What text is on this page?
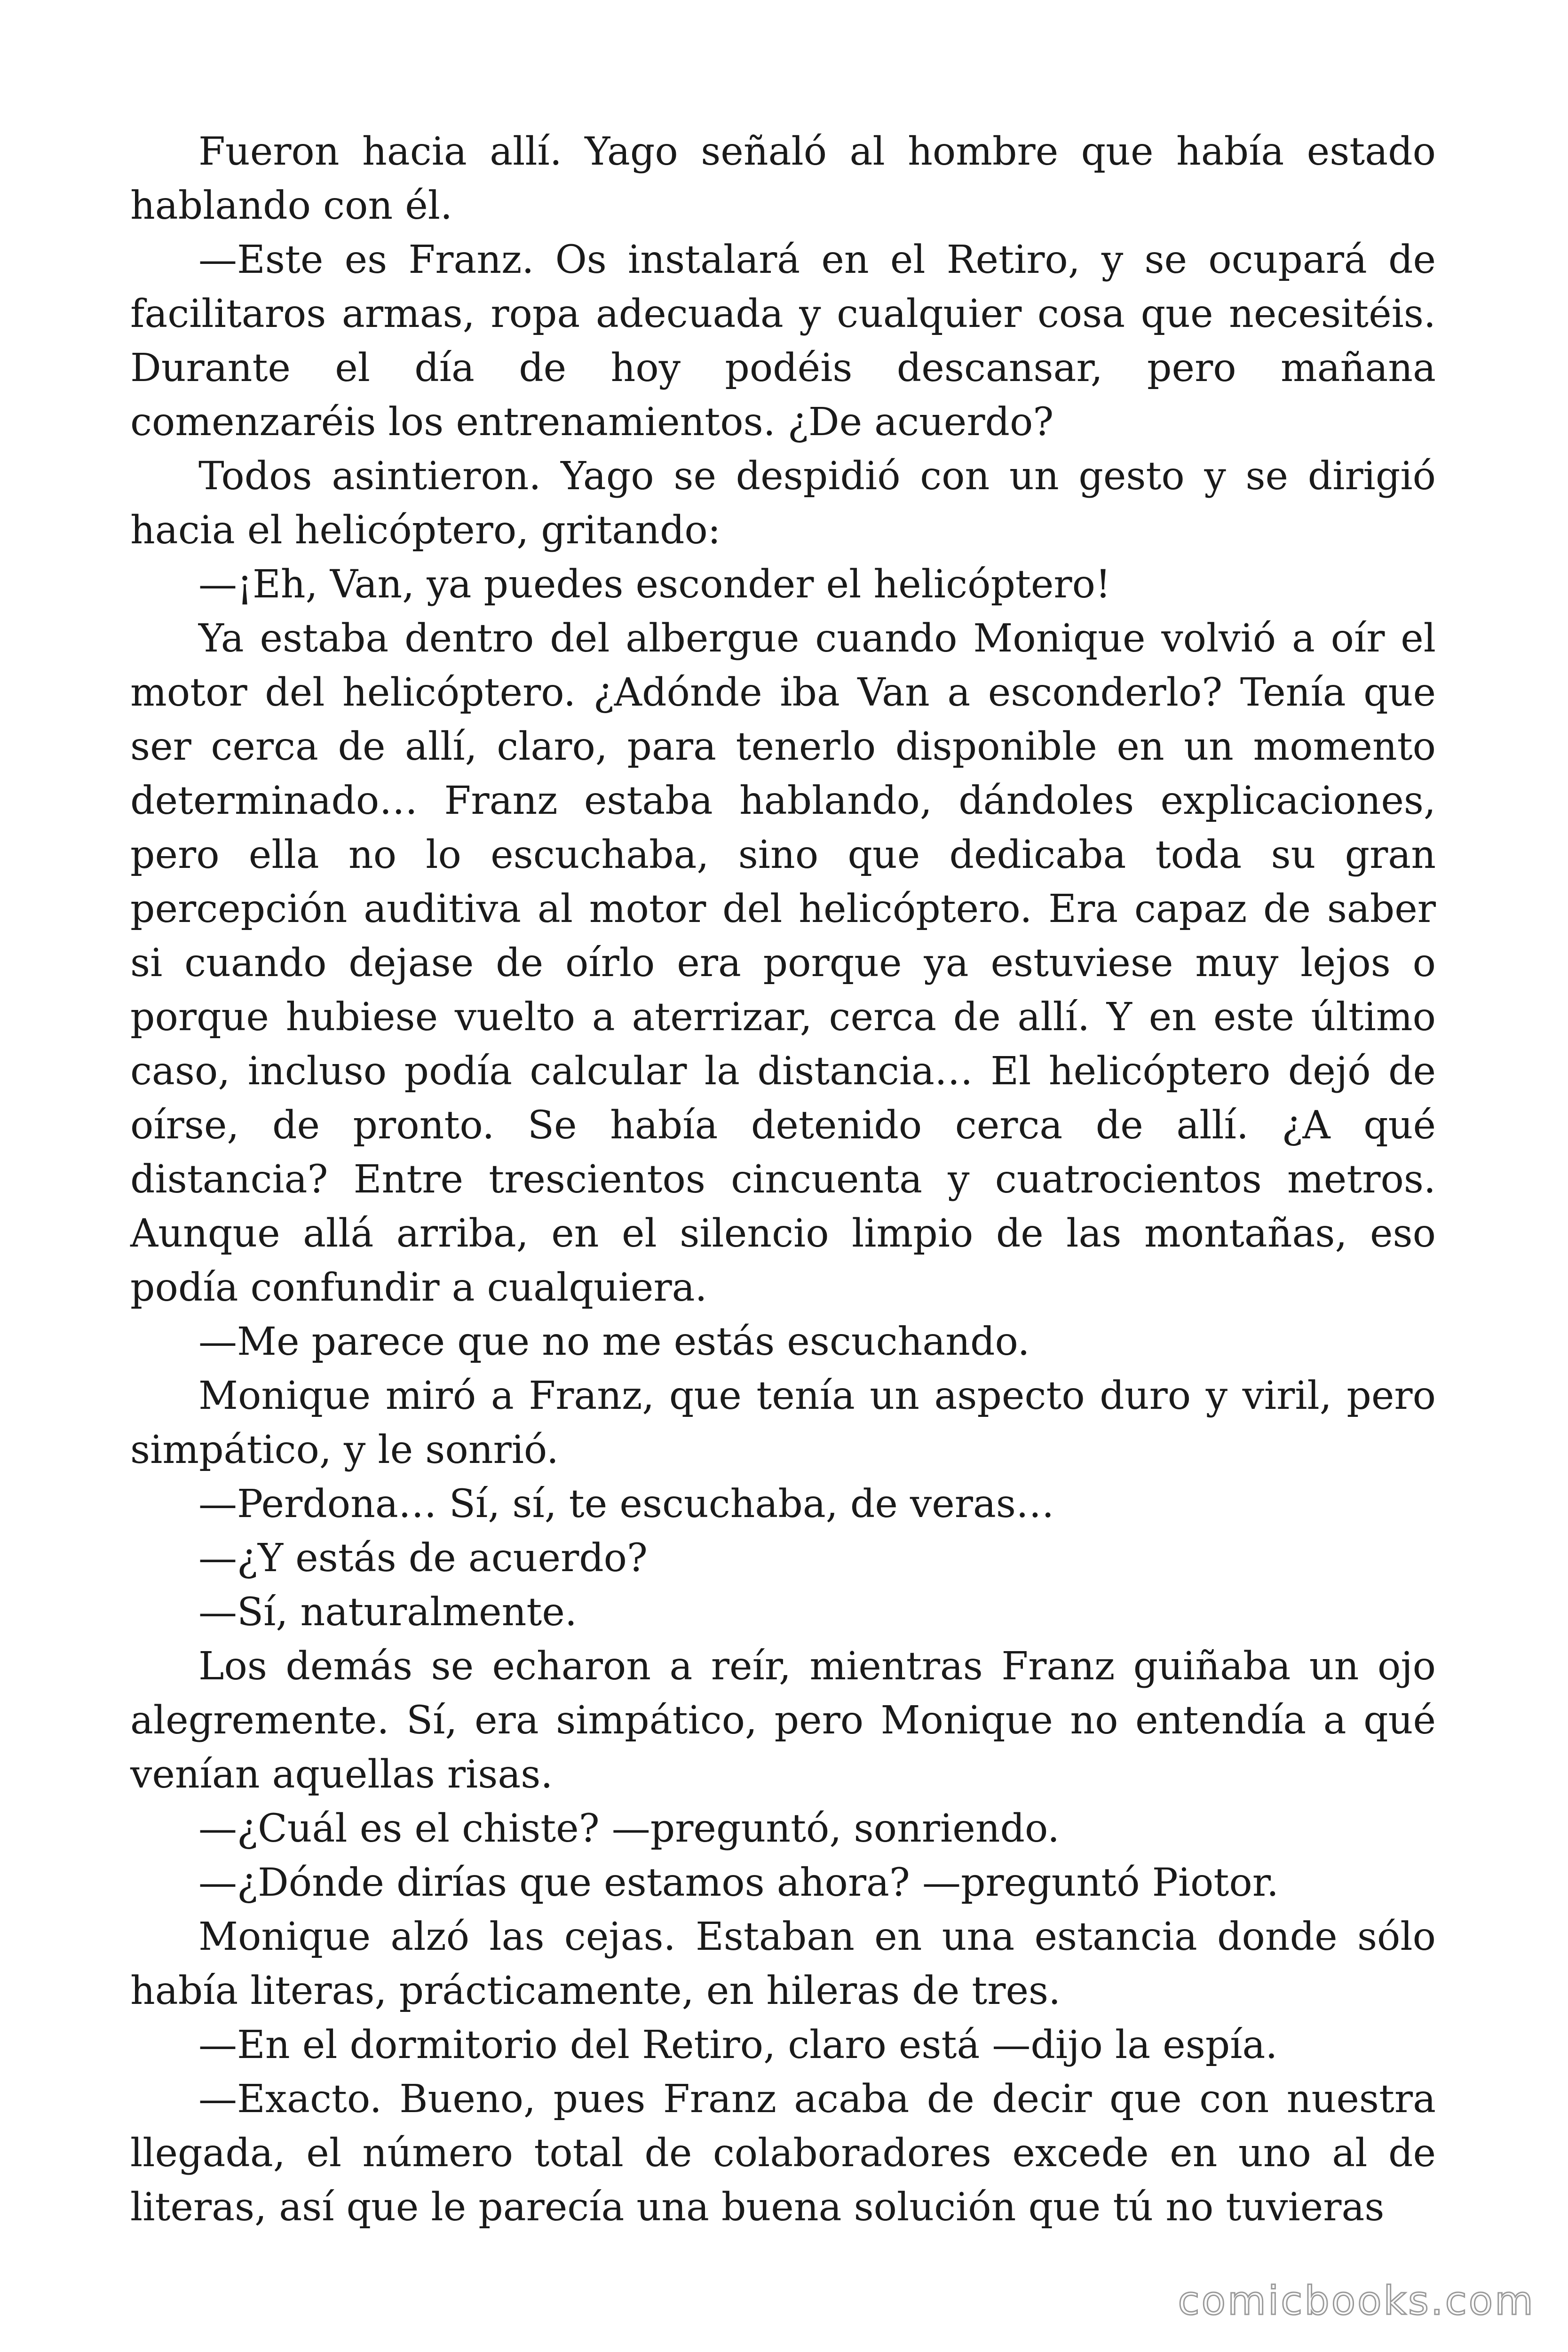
Fueron hacia allí. Yago señaló al hombre que había estado hablando con él.

—Este es Franz. Os instalará en el Retiro, y se ocupará de facilitaros armas, ropa adecuada y cualquier cosa que necesitéis. Durante el día de hoy podéis descansar, pero mañana comenzaréis los entrenamientos. ¿De acuerdo?

Todos asintieron. Yago se despidió con un gesto y se dirigió hacia el helicóptero, gritando:

—¡Eh, Van, ya puedes esconder el helicóptero!

Ya estaba dentro del albergue cuando Monique volvió a oír el motor del helicóptero. ¿Adónde iba Van a esconderlo? Tenía que ser cerca de allí, claro, para tenerlo disponible en un momento determinado… Franz estaba hablando, dándoles explicaciones, pero ella no lo escuchaba, sino que dedicaba toda su gran percepción auditiva al motor del helicóptero. Era capaz de saber si cuando dejase de oírlo era porque ya estuviese muy lejos o porque hubiese vuelto a aterrizar, cerca de allí. Y en este último caso, incluso podía calcular la distancia… El helicóptero dejó de oírse, de pronto. Se había detenido cerca de allí. ¿A qué distancia? Entre trescientos cincuenta y cuatrocientos metros. Aunque allá arriba, en el silencio limpio de las montañas, eso podía confundir a cualquiera.

—Me parece que no me estás escuchando.

Monique miró a Franz, que tenía un aspecto duro y viril, pero simpático, y le sonrió.

—Perdona… Sí, sí, te escuchaba, de veras…

—¿Y estás de acuerdo?

—Sí, naturalmente.

Los demás se echaron a reír, mientras Franz guiñaba un ojo alegremente. Sí, era simpático, pero Monique no entendía a qué venían aquellas risas.

—¿Cuál es el chiste? —preguntó, sonriendo.

—¿Dónde dirías que estamos ahora? —preguntó Piotor.

Monique alzó las cejas. Estaban en una estancia donde sólo había literas, prácticamente, en hileras de tres.

—En el dormitorio del Retiro, claro está —dijo la espía.

—Exacto. Bueno, pues Franz acaba de decir que con nuestra llegada, el número total de colaboradores excede en uno al de literas, así que le parecía una buena solución que tú no tuvieras

comicbooks.com
